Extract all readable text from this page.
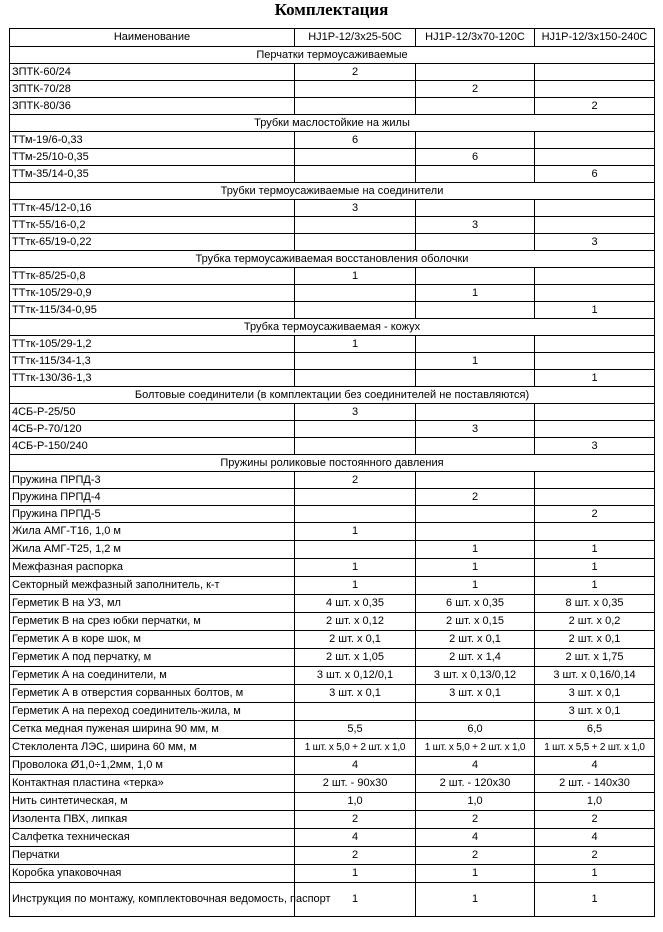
Комплектация
Наименование	HJ1P-12/3x25-50C	HJ1P-12/3x70-120C	HJ1P-12/3x150-240C
Перчатки термоусаживаемые			
ЗПТК-60/24	2		
ЗПТК-70/28		2	
ЗПТК-80/36			2
Трубки маслостойкие на жилы			
ТТм-19/6-0,33	6		
ТТм-25/10-0,35		6	
ТТм-35/14-0,35			6
Трубки термоусаживаемые на соединители			
ТТтк-45/12-0,16	3		
ТТтк-55/16-0,2		3	
ТТтк-65/19-0,22			3
Трубка термоусаживаемая восстановления оболочки			
ТТтк-85/25-0,8	1		
ТТтк-105/29-0,9		1	
ТТтк-115/34-0,95			1
Трубка термоусаживаемая - кожух			
ТТтк-105/29-1,2	1		
ТТтк-115/34-1,3		1	
ТТтк-130/36-1,3			1
Болтовые соединители (в комплектации без соединителей не поставляются)			
4СБ-Р-25/50	3		
4СБ-Р-70/120		3	
4СБ-Р-150/240			3
Пружины роликовые постоянного давления			
Пружина ПРПД-3	2		
Пружина ПРПД-4		2	
Пружина ПРПД-5			2
Жила АМГ-Т16, 1,0 м	1		
Жила АМГ-Т25, 1,2 м		1	1
Межфазная распорка	1	1	1
Секторный межфазный заполнитель, к-т	1	1	1
Герметик В на УЗ, мл	4 шт. х 0,35	6 шт. х 0,35	8 шт. х 0,35
Герметик В на срез юбки перчатки, м	2 шт. х 0,12	2 шт. х 0,15	2 шт. х 0,2
Герметик А в коре шок, м	2 шт. х 0,1	2 шт. х 0,1	2 шт. х 0,1
Герметик А под перчатку, м	2 шт. х 1,05	2 шт. х 1,4	2 шт. х 1,75
Герметик А на соединители, м	3 шт. х 0,12/0,1	3 шт. х 0,13/0,12	3 шт. х 0,16/0,14
Герметик А в отверстия сорванных болтов, м	3 шт. х 0,1	3 шт. х 0,1	3 шт. х 0,1
Герметик А на переход соединитель-жила, м			3 шт. х 0,1
Сетка медная пуженая ширина 90 мм, м	5,5	6,0	6,5
Стеклолента ЛЭС, ширина 60 мм, м	1 шт. х 5,0 + 2 шт. х 1,0	1 шт. х 5,0 + 2 шт. х 1,0	1 шт. х 5,5 + 2 шт. х 1,0
Проволока Ø1,0÷1,2мм, 1,0 м	4	4	4
Контактная пластина «терка»	2 шт. - 90х30	2 шт. - 120х30	2 шт. - 140х30
Нить синтетическая, м	1,0	1,0	1,0
Изолента ПВХ, липкая	2	2	2
Салфетка техническая	4	4	4
Перчатки	2	2	2
Коробка упаковочная	1	1	1
Инструкция по монтажу, комплектовочная ведомость, паспорт	1	1	1
